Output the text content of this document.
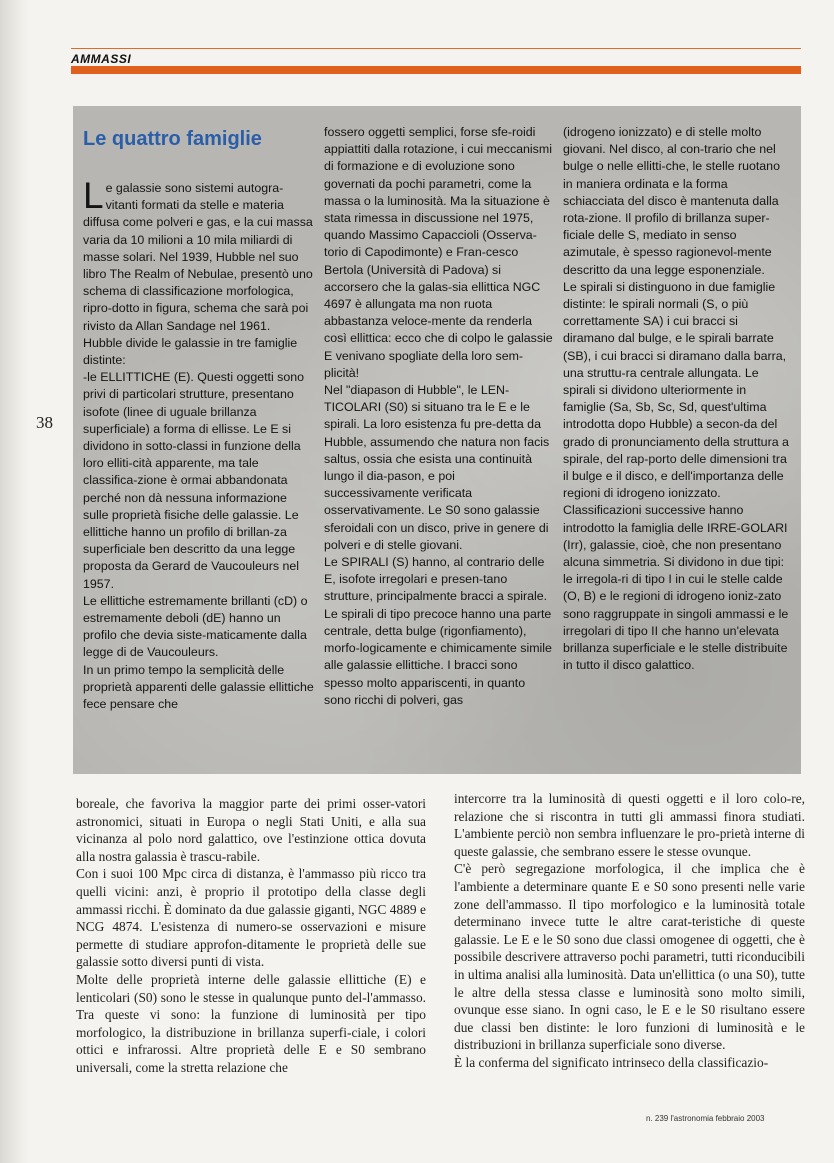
AMMASSI
38
Le quattro famiglie

Le galassie sono sistemi autogra-vitanti formati da stelle e materia diffusa come polveri e gas, e la cui massa varia da 10 milioni a 10 mila miliardi di masse solari. Nel 1939, Hubble nel suo libro The Realm of Nebulae, presentò uno schema di classificazione morfologica, ripro-dotto in figura, schema che sarà poi rivisto da Allan Sandage nel 1961.

Hubble divide le galassie in tre famiglie distinte:

-le ELLITTICHE (E). Questi oggetti sono privi di particolari strutture, presentano isofote (linee di uguale brillanza superficiale) a forma di ellisse. Le E si dividono in sotto-classi in funzione della loro elliti-cità apparente, ma tale classifica-zione è ormai abbandonata perché non dà nessuna informazione sulle proprietà fisiche delle galassie. Le ellittiche hanno un profilo di brillan-za superficiale ben descritto da una legge proposta da Gerard de Vaucouleurs nel 1957.

Le ellittiche estremamente brillanti (cD) o estremamente deboli (dE) hanno un profilo che devia siste-maticamente dalla legge di de Vaucouleurs.

In un primo tempo la semplicità delle proprietà apparenti delle galassie ellittiche fece pensare che

fossero oggetti semplici, forse sfe-roidi appiattiti dalla rotazione, i cui meccanismi di formazione e di evoluzione sono governati da pochi parametri, come la massa o la luminosità. Ma la situazione è stata rimessa in discussione nel 1975, quando Massimo Capaccioli (Osserva-torio di Capodimonte) e Fran-cesco Bertola (Università di Padova) si accorsero che la galas-sia ellittica NGC 4697 è allungata ma non ruota abbastanza veloce-mente da renderla così ellittica: ecco che di colpo le galassie E venivano spogliate della loro sem-plicità!

Nel "diapason di Hubble", le LEN-TICOLARI (S0) si situano tra le E e le spirali. La loro esistenza fu pre-detta da Hubble, assumendo che natura non facis saltus, ossia che esista una continuità lungo il dia-pason, e poi successivamente verificata osservativamente. Le S0 sono galassie sferoidali con un disco, prive in genere di polveri e di stelle giovani.

Le SPIRALI (S) hanno, al contrario delle E, isofote irregolari e presen-tano strutture, principalmente bracci a spirale. Le spirali di tipo precoce hanno una parte centrale, detta bulge (rigonfiamento), morfo-logicamente e chimicamente simile alle galassie ellittiche. I bracci sono spesso molto appariscenti, in quanto sono ricchi di polveri, gas

(idrogeno ionizzato) e di stelle molto giovani. Nel disco, al con-trario che nel bulge o nelle ellitti-che, le stelle ruotano in maniera ordinata e la forma schiacciata del disco è mantenuta dalla rota-zione. Il profilo di brillanza super-ficiale delle S, mediato in senso azimutale, è spesso ragionevol-mente descritto da una legge esponenziale.

Le spirali si distinguono in due famiglie distinte: le spirali normali (S, o più correttamente SA) i cui bracci si diramano dal bulge, e le spirali barrate (SB), i cui bracci si diramano dalla barra, una struttu-ra centrale allungata. Le spirali si dividono ulteriormente in famiglie (Sa, Sb, Sc, Sd, quest'ultima introdotta dopo Hubble) a secon-da del grado di pronunciamento della struttura a spirale, del rap-porto delle dimensioni tra il bulge e il disco, e dell'importanza delle regioni di idrogeno ionizzato.

Classificazioni successive hanno introdotto la famiglia delle IRRE-GOLARI (Irr), galassie, cioè, che non presentano alcuna simmetria. Si dividono in due tipi: le irregola-ri di tipo I in cui le stelle calde (O, B) e le regioni di idrogeno ioniz-zato sono raggruppate in singoli ammassi e le irregolari di tipo II che hanno un'elevata brillanza superficiale e le stelle distribuite in tutto il disco galattico.

boreale, che favoriva la maggior parte dei primi osser-vatori astronomici, situati in Europa o negli Stati Uniti, e alla sua vicinanza al polo nord galattico, ove l'estinzione ottica dovuta alla nostra galassia è trascu-rabile.

Con i suoi 100 Mpc circa di distanza, è l'ammasso più ricco tra quelli vicini: anzi, è proprio il prototipo della classe degli ammassi ricchi. È dominato da due galassie giganti, NGC 4889 e NCG 4874. L'esistenza di numero-se osservazioni e misure permette di studiare approfon-ditamente le proprietà delle sue galassie sotto diversi punti di vista.

Molte delle proprietà interne delle galassie ellittiche (E) e lenticolari (S0) sono le stesse in qualunque punto del-l'ammasso. Tra queste vi sono: la funzione di luminosità per tipo morfologico, la distribuzione in brillanza superfi-ciale, i colori ottici e infrarossi. Altre proprietà delle E e S0 sembrano universali, come la stretta relazione che

intercorre tra la luminosità di questi oggetti e il loro colo-re, relazione che si riscontra in tutti gli ammassi finora studiati. L'ambiente perciò non sembra influenzare le pro-prietà interne di queste galassie, che sembrano essere le stesse ovunque.

C'è però segregazione morfologica, il che implica che è l'ambiente a determinare quante E e S0 sono presenti nelle varie zone dell'ammasso. Il tipo morfologico e la luminosità totale determinano invece tutte le altre carat-teristiche di queste galassie. Le E e le S0 sono due classi omogenee di oggetti, che è possibile descrivere attraverso pochi parametri, tutti riconducibili in ultima analisi alla luminosità. Data un'ellittica (o una S0), tutte le altre della stessa classe e luminosità sono molto simili, ovunque esse siano. In ogni caso, le E e le S0 risultano essere due classi ben distinte: le loro funzioni di luminosità e le distribuzioni in brillanza superficiale sono diverse.

È la conferma del significato intrinseco della classificazio-

n. 239 l'astronomia febbraio 2003
